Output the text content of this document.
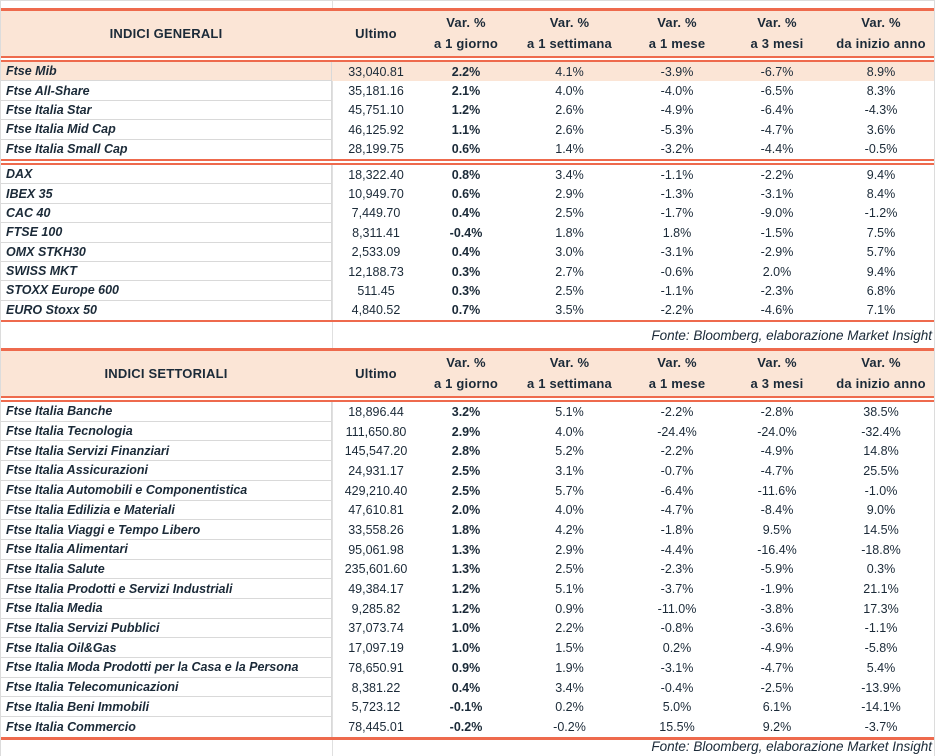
INDICI GENERALI	Ultimo
Var. %
a 1 giorno
Var. %
a 1 settimana
Var. %
a 1 mese
Var. %
a 3 mesi
Var. %
da inizio anno
Ftse Mib	33,040.81	2.2%	4.1%	-3.9%	-6.7%	8.9%
Ftse All-Share	35,181.16	2.1%	4.0%	-4.0%	-6.5%	8.3%
Ftse Italia Star	45,751.10	1.2%	2.6%	-4.9%	-6.4%	-4.3%
Ftse Italia Mid Cap	46,125.92	1.1%	2.6%	-5.3%	-4.7%	3.6%
Ftse Italia Small Cap	28,199.75	0.6%	1.4%	-3.2%	-4.4%	-0.5%
DAX	18,322.40	0.8%	3.4%	-1.1%	-2.2%	9.4%
IBEX 35	10,949.70	0.6%	2.9%	-1.3%	-3.1%	8.4%
CAC 40	7,449.70	0.4%	2.5%	-1.7%	-9.0%	-1.2%
FTSE 100	8,311.41	-0.4%	1.8%	1.8%	-1.5%	7.5%
OMX STKH30	2,533.09	0.4%	3.0%	-3.1%	-2.9%	5.7%
SWISS MKT	12,188.73	0.3%	2.7%	-0.6%	2.0%	9.4%
STOXX Europe 600	511.45	0.3%	2.5%	-1.1%	-2.3%	6.8%
EURO Stoxx 50	4,840.52	0.7%	3.5%	-2.2%	-4.6%	7.1%
Fonte: Bloomberg, elaborazione Market Insight
INDICI SETTORIALI	Ultimo
Var. %
a 1 giorno
Var. %
a 1 settimana
Var. %
a 1 mese
Var. %
a 3 mesi
Var. %
da inizio anno
Ftse Italia Banche	18,896.44	3.2%	5.1%	-2.2%	-2.8%	38.5%
Ftse Italia Tecnologia	111,650.80	2.9%	4.0%	-24.4%	-24.0%	-32.4%
Ftse Italia Servizi Finanziari	145,547.20	2.8%	5.2%	-2.2%	-4.9%	14.8%
Ftse Italia Assicurazioni	24,931.17	2.5%	3.1%	-0.7%	-4.7%	25.5%
Ftse Italia Automobili e Componentistica	429,210.40	2.5%	5.7%	-6.4%	-11.6%	-1.0%
Ftse Italia Edilizia e Materiali	47,610.81	2.0%	4.0%	-4.7%	-8.4%	9.0%
Ftse Italia Viaggi e Tempo Libero	33,558.26	1.8%	4.2%	-1.8%	9.5%	14.5%
Ftse Italia Alimentari	95,061.98	1.3%	2.9%	-4.4%	-16.4%	-18.8%
Ftse Italia Salute	235,601.60	1.3%	2.5%	-2.3%	-5.9%	0.3%
Ftse Italia Prodotti e Servizi Industriali	49,384.17	1.2%	5.1%	-3.7%	-1.9%	21.1%
Ftse Italia Media	9,285.82	1.2%	0.9%	-11.0%	-3.8%	17.3%
Ftse Italia Servizi Pubblici	37,073.74	1.0%	2.2%	-0.8%	-3.6%	-1.1%
Ftse Italia Oil&Gas	17,097.19	1.0%	1.5%	0.2%	-4.9%	-5.8%
Ftse Italia Moda Prodotti per la Casa e la Persona	78,650.91	0.9%	1.9%	-3.1%	-4.7%	5.4%
Ftse Italia Telecomunicazioni	8,381.22	0.4%	3.4%	-0.4%	-2.5%	-13.9%
Ftse Italia Beni Immobili	5,723.12	-0.1%	0.2%	5.0%	6.1%	-14.1%
Ftse Italia Commercio	78,445.01	-0.2%	-0.2%	15.5%	9.2%	-3.7%
Fonte: Bloomberg, elaborazione Market Insight
